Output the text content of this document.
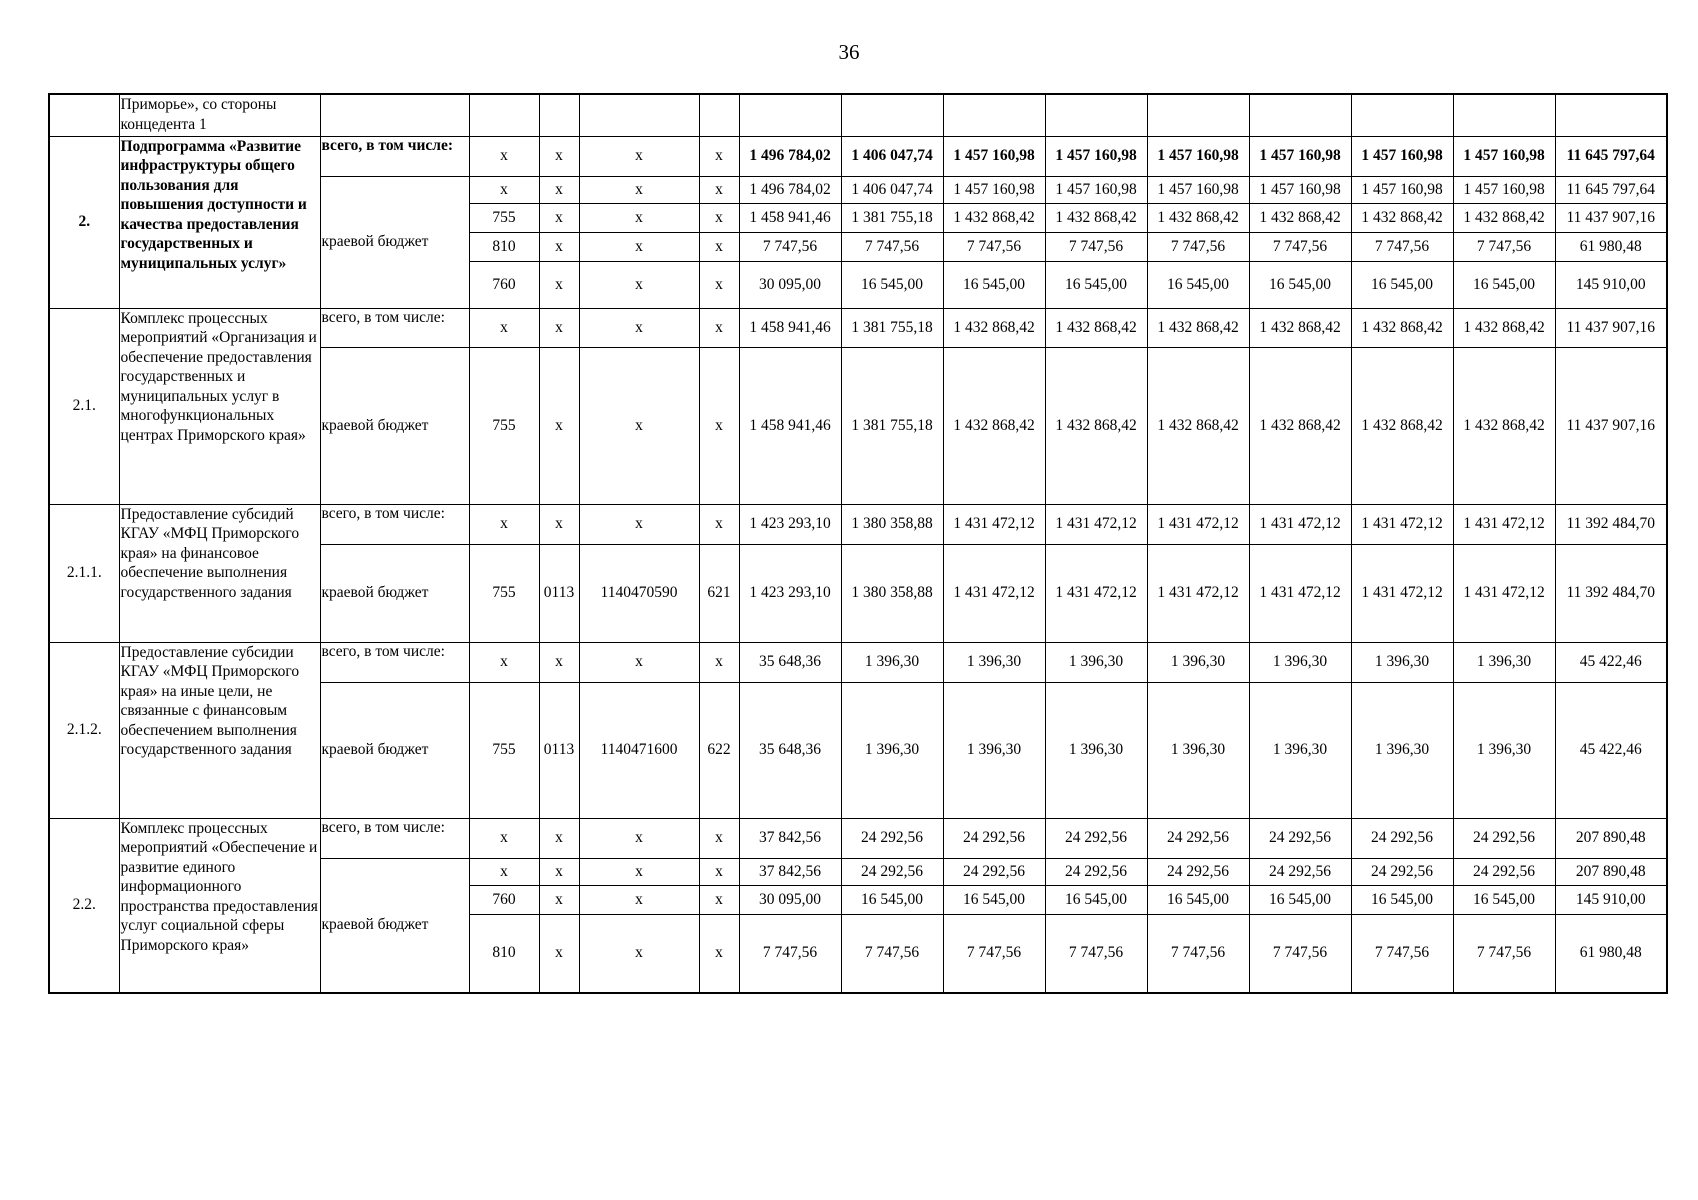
36
	Приморье», со стороны концедента 1														
2.	Подпрограмма «Развитие инфраструктуры общего пользования для повышения доступности и качества предоставления государственных и муниципальных услуг»	всего, в том числе:	x	x	x	x	1 496 784,02	1 406 047,74	1 457 160,98	1 457 160,98	1 457 160,98	1 457 160,98	1 457 160,98	1 457 160,98	11 645 797,64
		краевой бюджет	x	x	x	x	1 496 784,02	1 406 047,74	1 457 160,98	1 457 160,98	1 457 160,98	1 457 160,98	1 457 160,98	1 457 160,98	11 645 797,64
			755	x	x	x	1 458 941,46	1 381 755,18	1 432 868,42	1 432 868,42	1 432 868,42	1 432 868,42	1 432 868,42	1 432 868,42	11 437 907,16
			810	x	x	x	7 747,56	7 747,56	7 747,56	7 747,56	7 747,56	7 747,56	7 747,56	7 747,56	61 980,48
			760	x	x	x	30 095,00	16 545,00	16 545,00	16 545,00	16 545,00	16 545,00	16 545,00	16 545,00	145 910,00
2.1.	Комплекс процессных мероприятий «Организация и обеспечение предоставления государственных и муниципальных услуг в многофункциональных центрах Приморского края»	всего, в том числе:	x	x	x	x	1 458 941,46	1 381 755,18	1 432 868,42	1 432 868,42	1 432 868,42	1 432 868,42	1 432 868,42	1 432 868,42	11 437 907,16
		краевой бюджет	755	x	x	x	1 458 941,46	1 381 755,18	1 432 868,42	1 432 868,42	1 432 868,42	1 432 868,42	1 432 868,42	1 432 868,42	11 437 907,16
2.1.1.	Предоставление субсидий КГАУ «МФЦ Приморского края» на финансовое обеспечение выполнения государственного задания	всего, в том числе:	x	x	x	x	1 423 293,10	1 380 358,88	1 431 472,12	1 431 472,12	1 431 472,12	1 431 472,12	1 431 472,12	1 431 472,12	11 392 484,70
		краевой бюджет	755	0113	1140470590	621	1 423 293,10	1 380 358,88	1 431 472,12	1 431 472,12	1 431 472,12	1 431 472,12	1 431 472,12	1 431 472,12	11 392 484,70
2.1.2.	Предоставление субсидии КГАУ «МФЦ Приморского края» на иные цели, не связанные с финансовым обеспечением выполнения государственного задания	всего, в том числе:	x	x	x	x	35 648,36	1 396,30	1 396,30	1 396,30	1 396,30	1 396,30	1 396,30	1 396,30	45 422,46
		краевой бюджет	755	0113	1140471600	622	35 648,36	1 396,30	1 396,30	1 396,30	1 396,30	1 396,30	1 396,30	1 396,30	45 422,46
2.2.	Комплекс процессных мероприятий «Обеспечение и развитие единого информационного пространства предоставления услуг социальной сферы Приморского края»	всего, в том числе:	x	x	x	x	37 842,56	24 292,56	24 292,56	24 292,56	24 292,56	24 292,56	24 292,56	24 292,56	207 890,48
		краевой бюджет	x	x	x	x	37 842,56	24 292,56	24 292,56	24 292,56	24 292,56	24 292,56	24 292,56	24 292,56	207 890,48
			760	x	x	x	30 095,00	16 545,00	16 545,00	16 545,00	16 545,00	16 545,00	16 545,00	16 545,00	145 910,00
			810	x	x	x	7 747,56	7 747,56	7 747,56	7 747,56	7 747,56	7 747,56	7 747,56	7 747,56	61 980,48
